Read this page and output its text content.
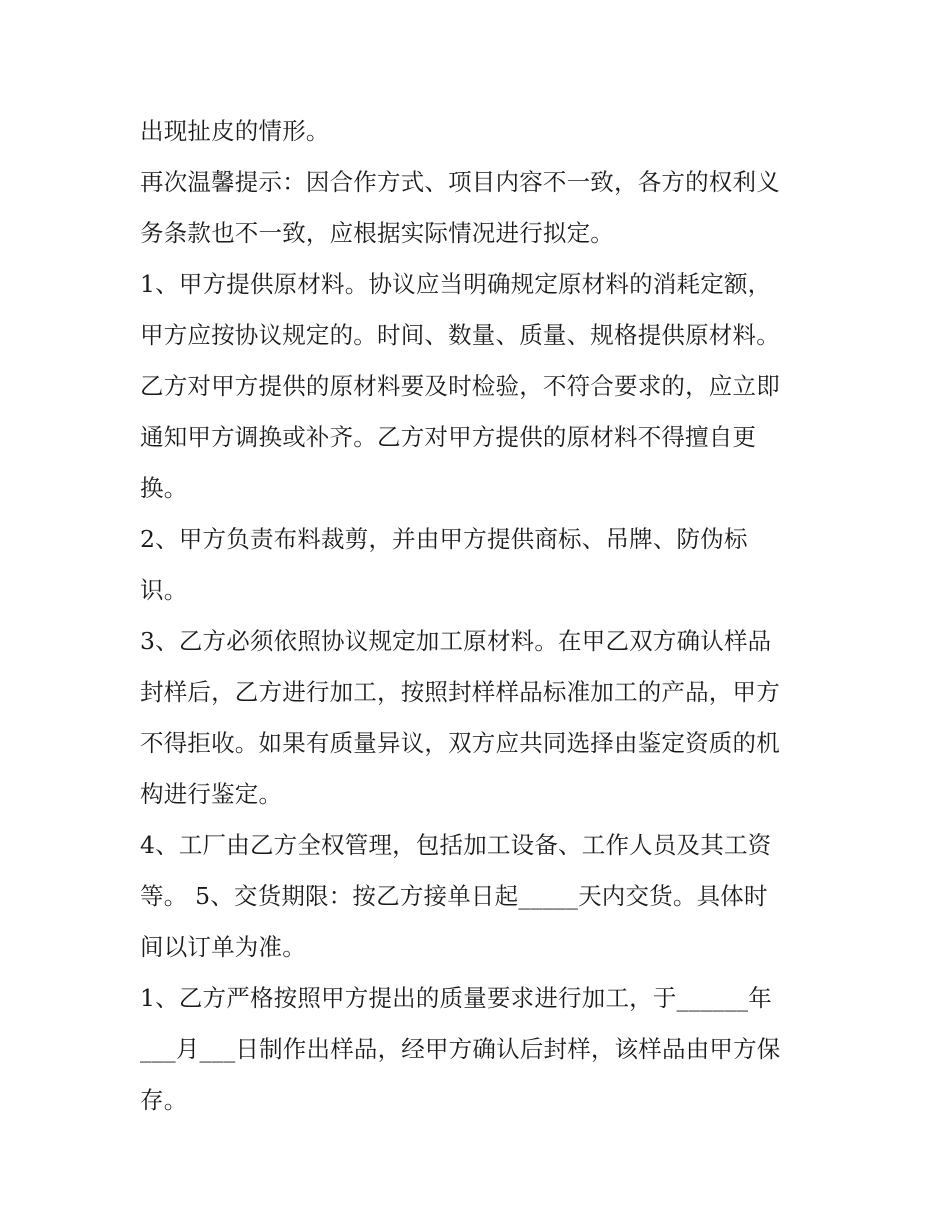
出现扯皮的情形。
再次温馨提示：因合作方式、项目内容不一致，各方的权利义
务条款也不一致，应根据实际情况进行拟定。
1、甲方提供原材料。协议应当明确规定原材料的消耗定额，
甲方应按协议规定的。时间、数量、质量、规格提供原材料。
乙方对甲方提供的原材料要及时检验，不符合要求的，应立即
通知甲方调换或补齐。乙方对甲方提供的原材料不得擅自更
换。
2、甲方负责布料裁剪，并由甲方提供商标、吊牌、防伪标
识。
3、乙方必须依照协议规定加工原材料。在甲乙双方确认样品
封样后，乙方进行加工，按照封样样品标准加工的产品，甲方
不得拒收。如果有质量异议，双方应共同选择由鉴定资质的机
构进行鉴定。
4、工厂由乙方全权管理，包括加工设备、工作人员及其工资
等。 5、交货期限：按乙方接单日起_____天内交货。具体时
间以订单为准。
1、乙方严格按照甲方提出的质量要求进行加工，于______年
___月___日制作出样品，经甲方确认后封样，该样品由甲方保
存。
